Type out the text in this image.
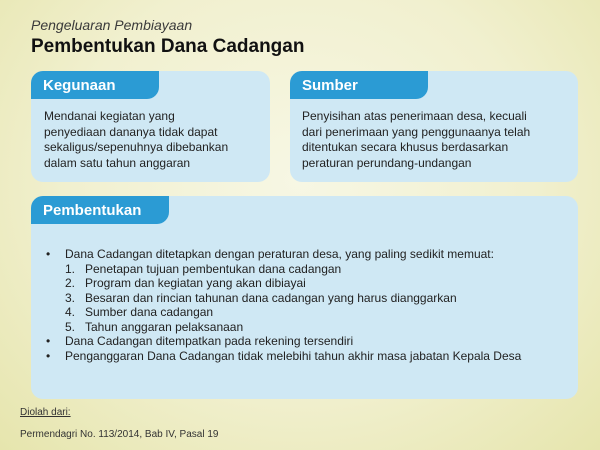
Pengeluaran Pembiayaan
Pembentukan Dana Cadangan
Kegunaan
Mendanai kegiatan yang
penyediaan dananya tidak dapat
sekaligus/sepenuhnya dibebankan
dalam satu tahun anggaran
Sumber
Penyisihan atas penerimaan desa, kecuali
dari penerimaan yang penggunaanya telah
ditentukan secara khusus berdasarkan
peraturan perundang-undangan
Pembentukan
•	Dana Cadangan ditetapkan dengan peraturan desa, yang paling sedikit memuat:
1. Penetapan tujuan pembentukan dana cadangan
2. Program dan kegiatan yang akan dibiayai
3. Besaran dan rincian tahunan dana cadangan yang harus dianggarkan
4. Sumber dana cadangan
5. Tahun anggaran pelaksanaan
•	Dana Cadangan ditempatkan pada rekening tersendiri
•	Penganggaran Dana Cadangan tidak melebihi tahun akhir masa jabatan Kepala Desa
Diolah dari:
Permendagri No. 113/2014, Bab IV, Pasal 19
